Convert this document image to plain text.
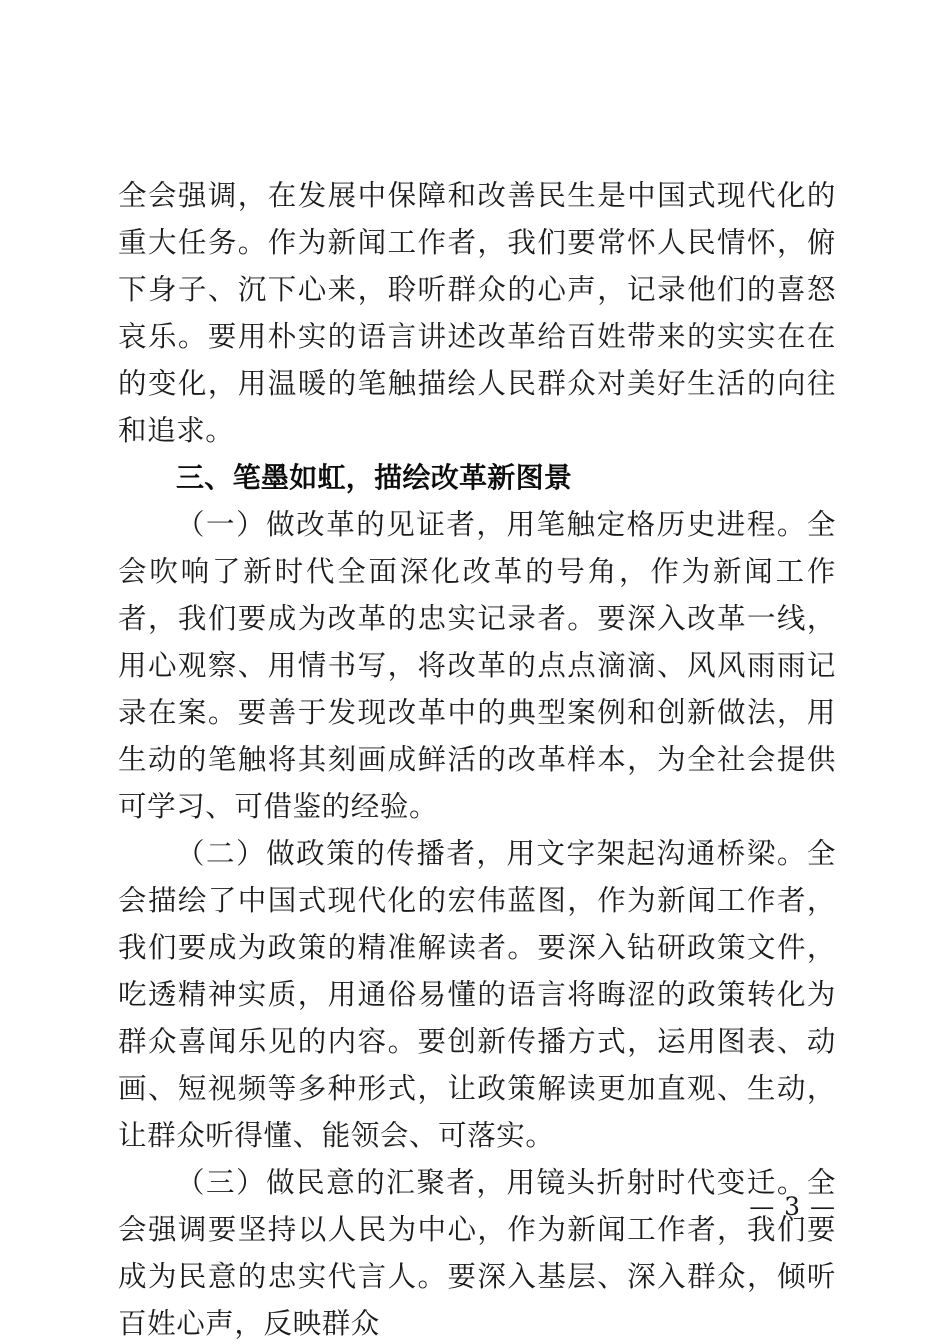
全会强调，在发展中保障和改善民生是中国式现代化的重大任务。作为新闻工作者，我们要常怀人民情怀，俯下身子、沉下心来，聆听群众的心声，记录他们的喜怒哀乐。要用朴实的语言讲述改革给百姓带来的实实在在的变化，用温暖的笔触描绘人民群众对美好生活的向往和追求。

三、笔墨如虹，描绘改革新图景

（一）做改革的见证者，用笔触定格历史进程。全会吹响了新时代全面深化改革的号角，作为新闻工作者，我们要成为改革的忠实记录者。要深入改革一线，用心观察、用情书写，将改革的点点滴滴、风风雨雨记录在案。要善于发现改革中的典型案例和创新做法，用生动的笔触将其刻画成鲜活的改革样本，为全社会提供可学习、可借鉴的经验。

（二）做政策的传播者，用文字架起沟通桥梁。全会描绘了中国式现代化的宏伟蓝图，作为新闻工作者，我们要成为政策的精准解读者。要深入钻研政策文件，吃透精神实质，用通俗易懂的语言将晦涩的政策转化为群众喜闻乐见的内容。要创新传播方式，运用图表、动画、短视频等多种形式，让政策解读更加直观、生动，让群众听得懂、能领会、可落实。

（三）做民意的汇聚者，用镜头折射时代变迁。全会强调要坚持以人民为中心，作为新闻工作者，我们要成为民意的忠实代言人。要深入基层、深入群众，倾听百姓心声，反映群众

— 3 —
